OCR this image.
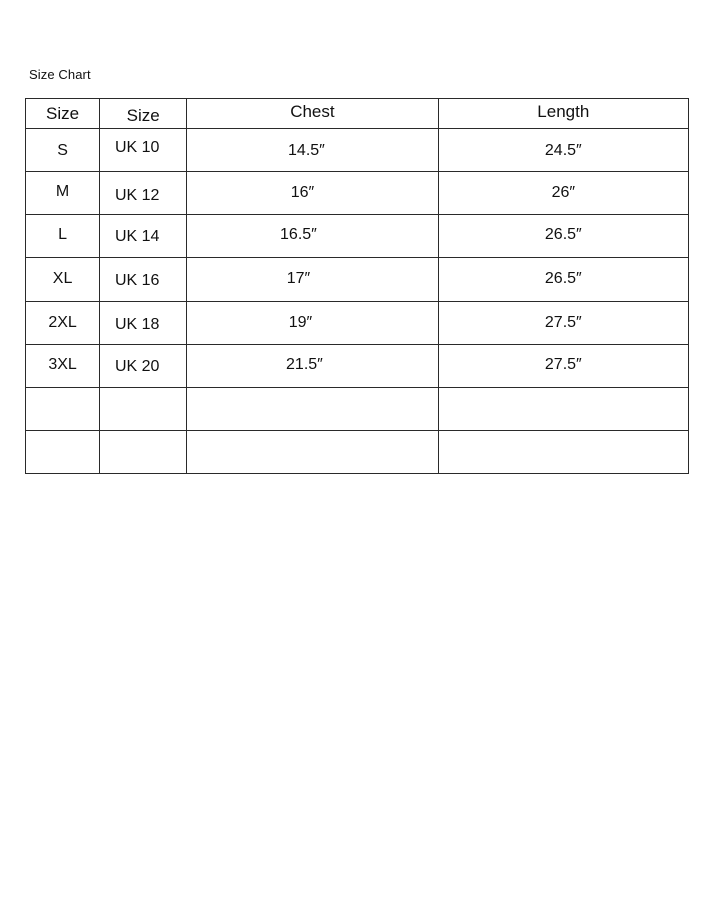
Size Chart
Size	Size	Chest	Length
S	UK 10	14.5″	24.5″
M	UK 12	16″	26″
L	UK 14	16.5″	26.5″
XL	UK 16	17″	26.5″
2XL	UK 18	19″	27.5″
3XL	UK 20	21.5″	27.5″
